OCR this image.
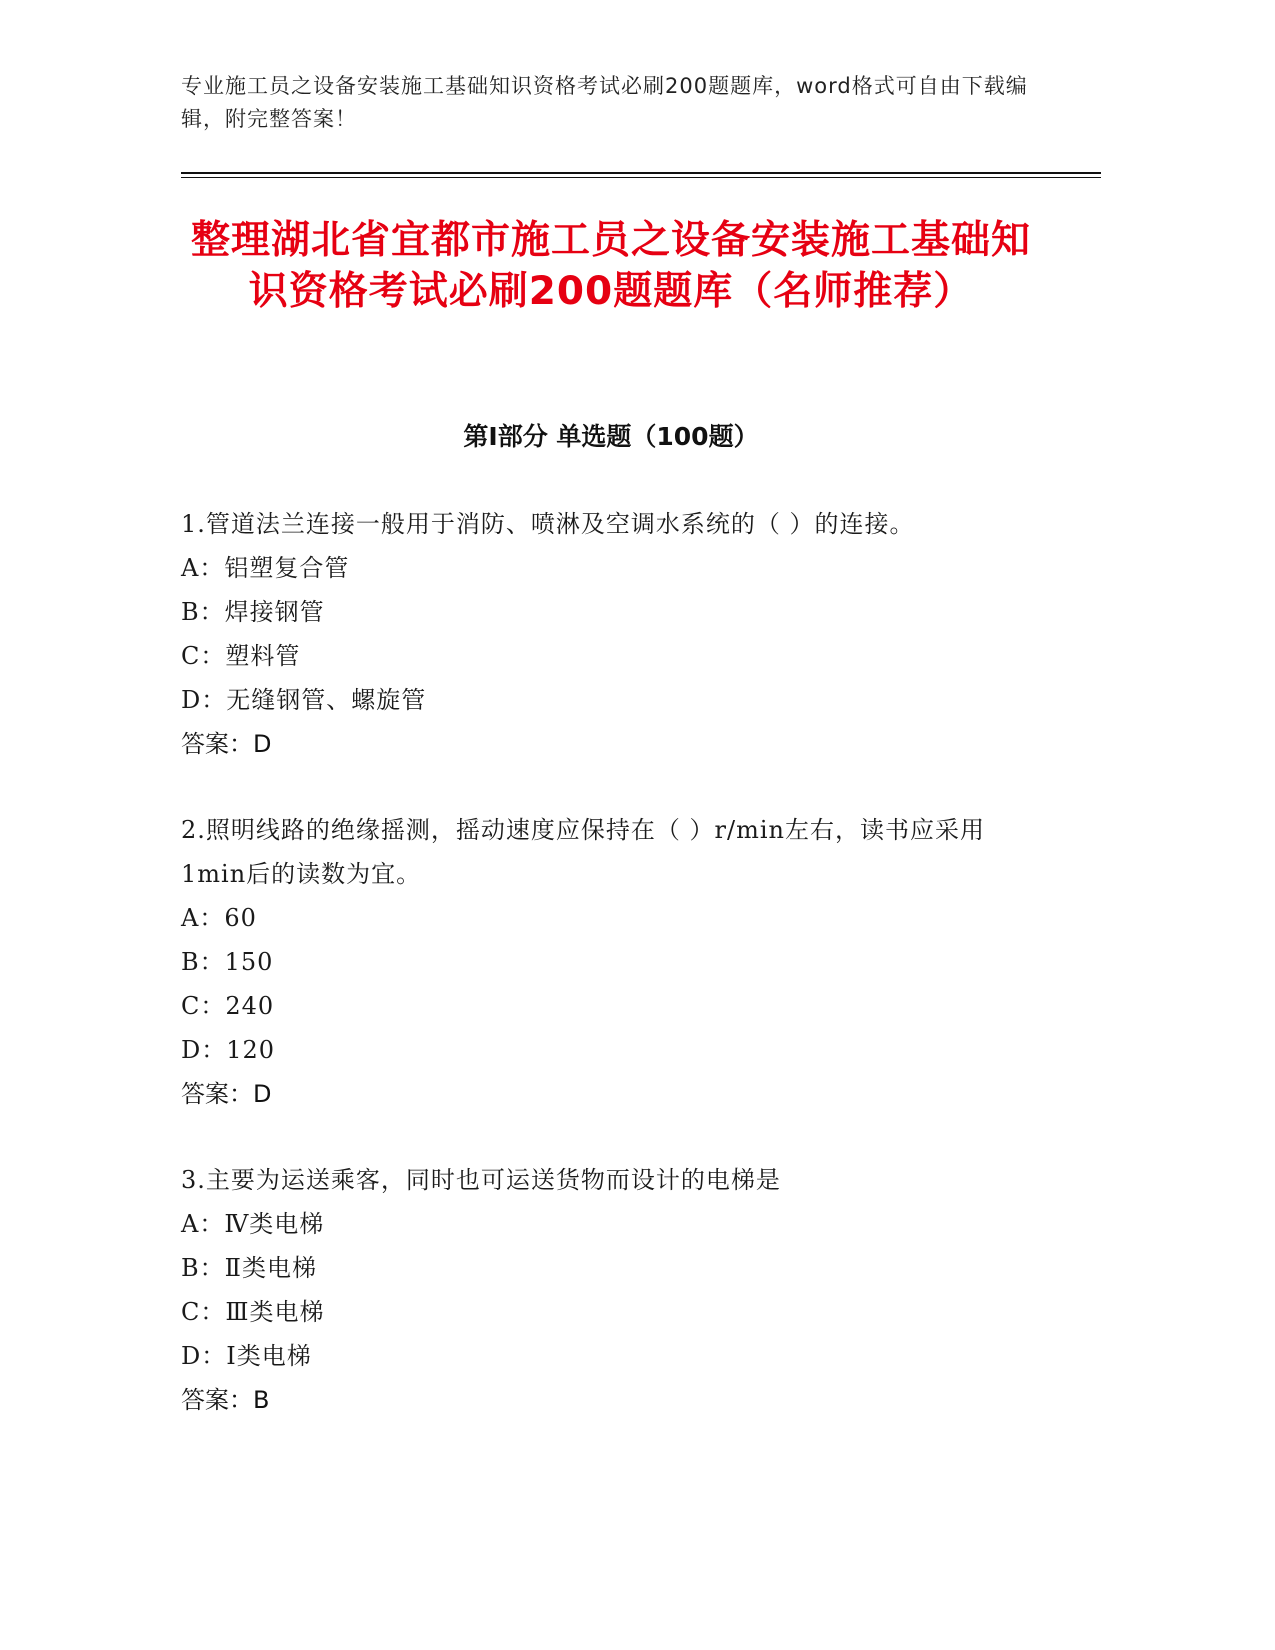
专业施工员之设备安装施工基础知识资格考试必刷200题题库，word格式可自由下载编辑，附完整答案！
整理湖北省宜都市施工员之设备安装施工基础知识资格考试必刷200题题库（名师推荐）
第I部分 单选题（100题）

1.管道法兰连接一般用于消防、喷淋及空调水系统的（ ）的连接。

A：铝塑复合管

B：焊接钢管

C：塑料管

D：无缝钢管、螺旋管

答案：D

2.照明线路的绝缘摇测，摇动速度应保持在（ ）r/min左右，读书应采用1min后的读数为宜。

A：60

B：150

C：240

D：120

答案：D

3.主要为运送乘客，同时也可运送货物而设计的电梯是

A：Ⅳ类电梯

B：Ⅱ类电梯

C：Ⅲ类电梯

D：Ⅰ类电梯

答案：B
